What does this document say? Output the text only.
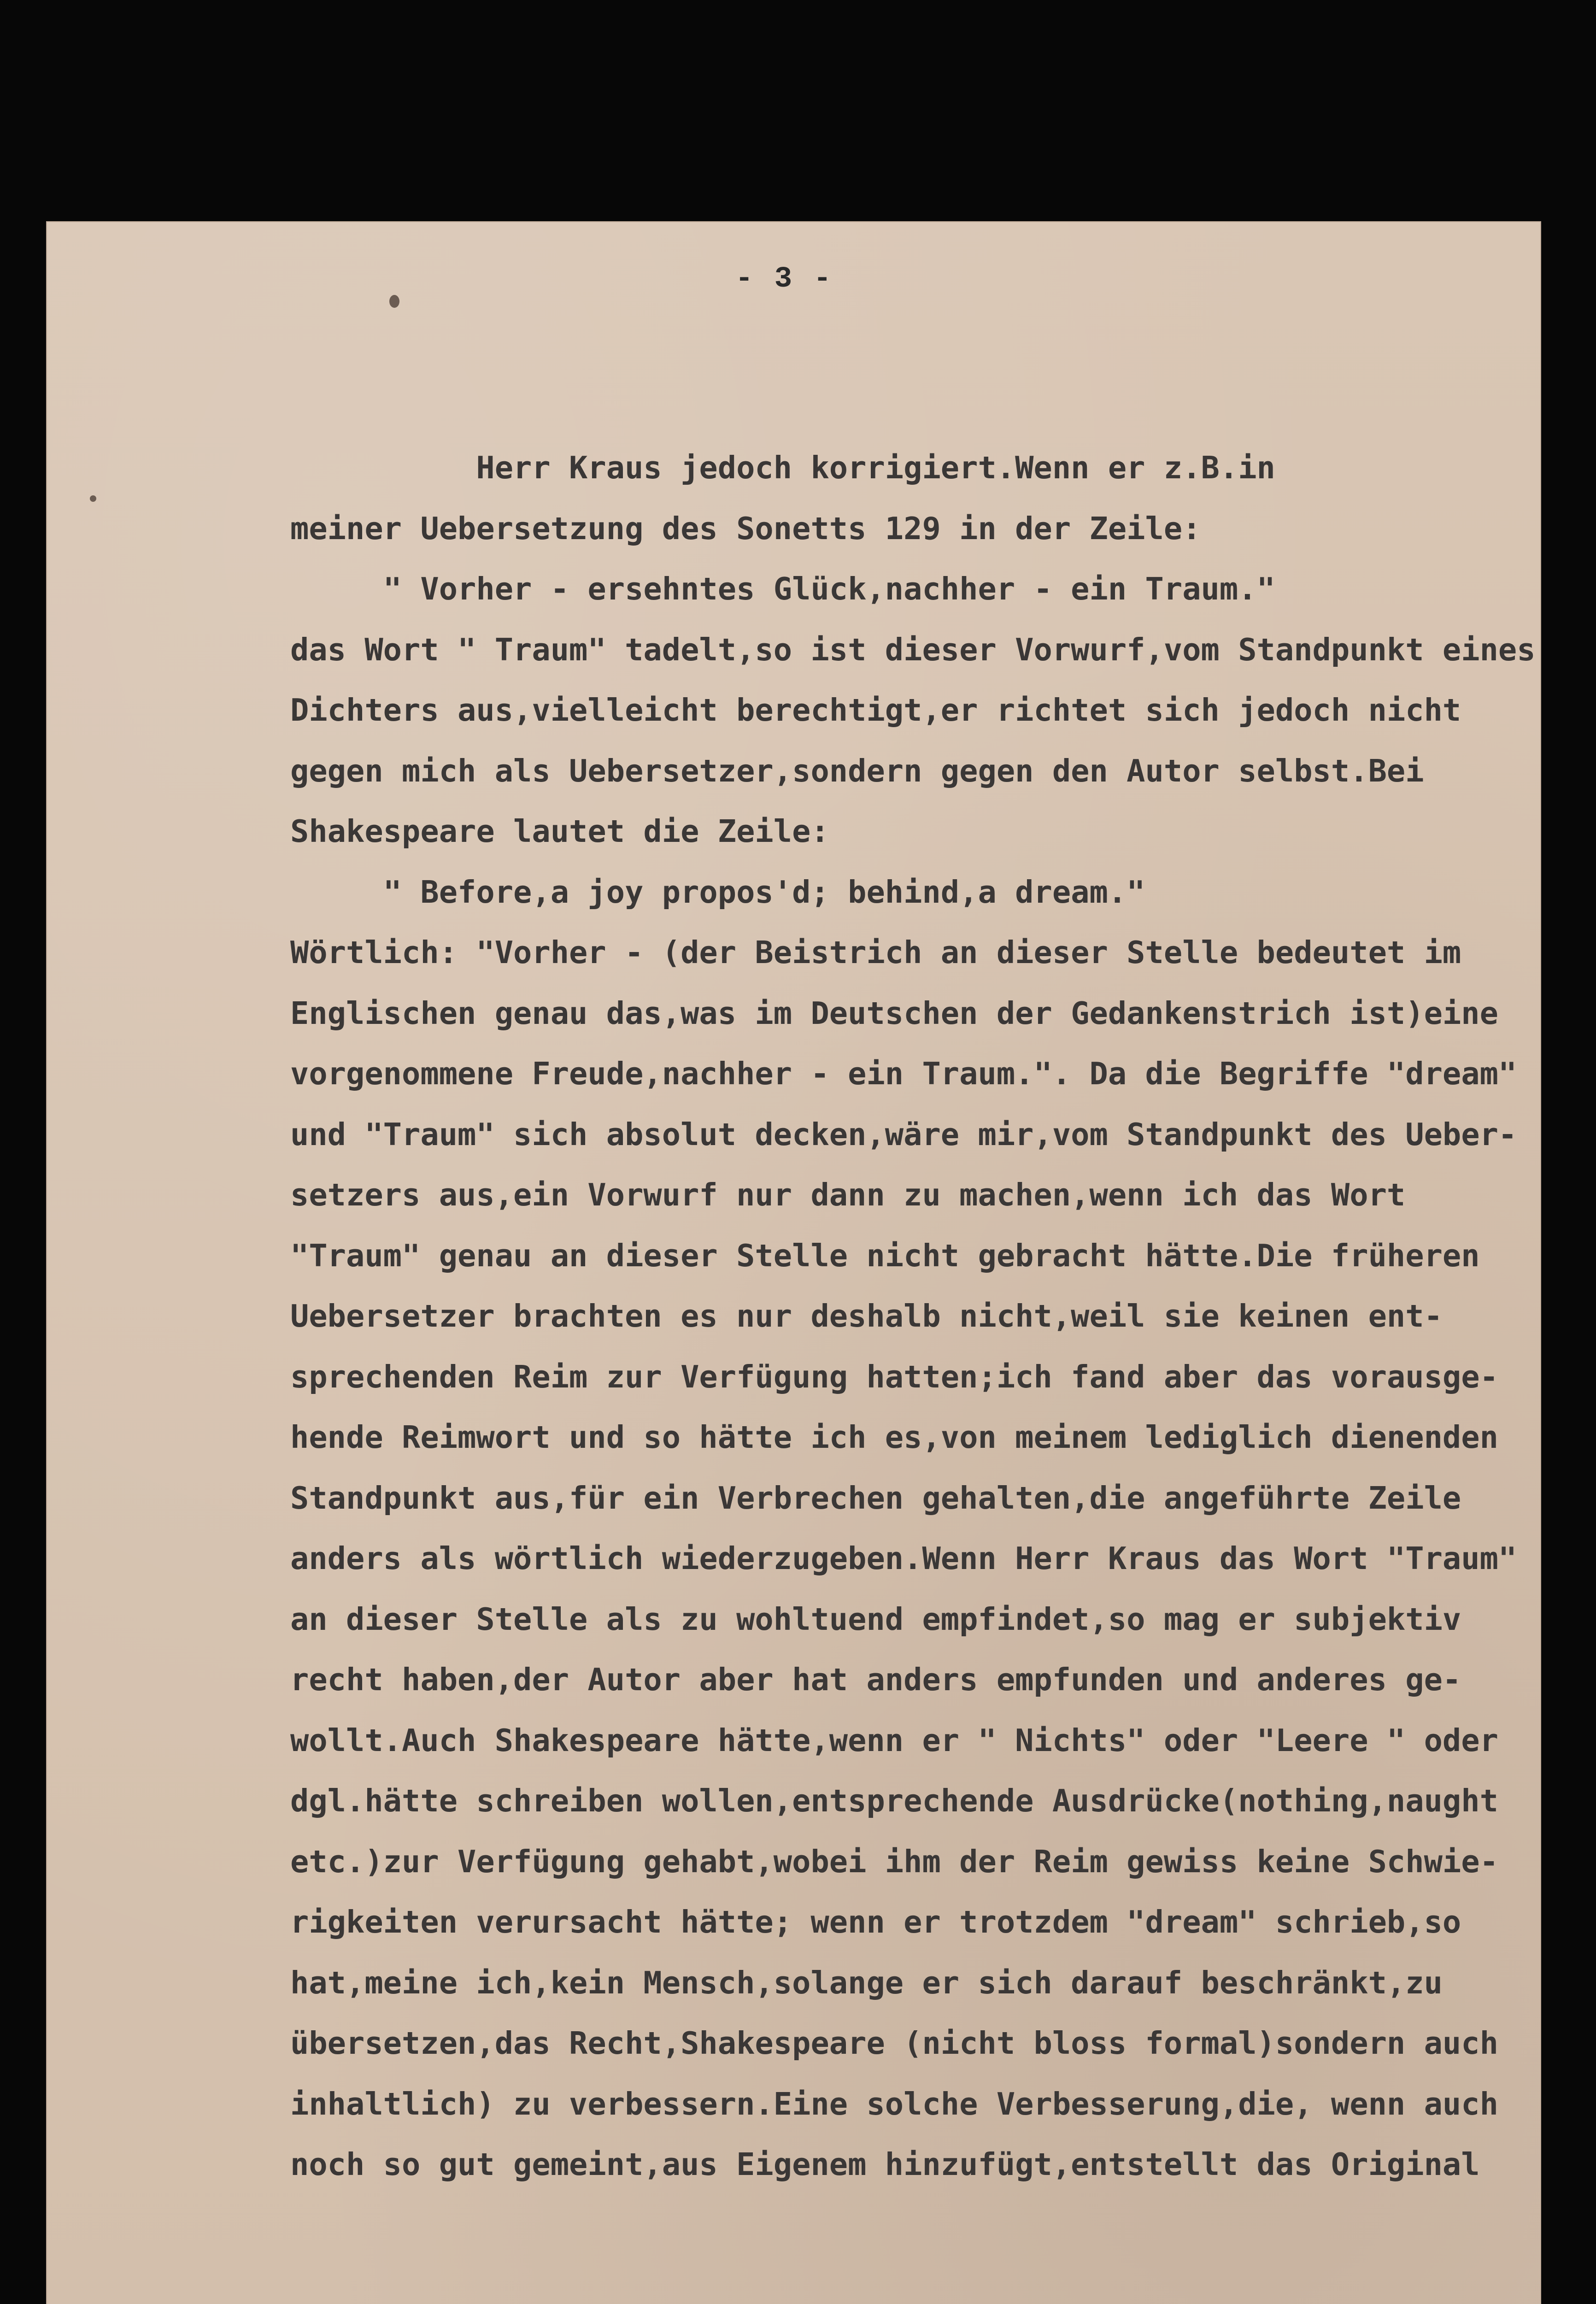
- 3 -
Herr Kraus jedoch korrigiert.Wenn er z.B.in
meiner Uebersetzung des Sonetts 129 in der Zeile:
" Vorher - ersehntes Glück,nachher - ein Traum."
das Wort " Traum" tadelt,so ist dieser Vorwurf,vom Standpunkt eines
Dichters aus,vielleicht berechtigt,er richtet sich jedoch nicht
gegen mich als Uebersetzer,sondern gegen den Autor selbst.Bei
Shakespeare lautet die Zeile:
" Before,a joy propos'd; behind,a dream."
Wörtlich: "Vorher - (der Beistrich an dieser Stelle bedeutet im
Englischen genau das,was im Deutschen der Gedankenstrich ist)eine
vorgenommene Freude,nachher - ein Traum.". Da die Begriffe "dream"
und "Traum" sich absolut decken,wäre mir,vom Standpunkt des Ueber-
setzers aus,ein Vorwurf nur dann zu machen,wenn ich das Wort
"Traum" genau an dieser Stelle nicht gebracht hätte.Die früheren
Uebersetzer brachten es nur deshalb nicht,weil sie keinen ent-
sprechenden Reim zur Verfügung hatten;ich fand aber das vorausge-
hende Reimwort und so hätte ich es,von meinem lediglich dienenden
Standpunkt aus,für ein Verbrechen gehalten,die angeführte Zeile
anders als wörtlich wiederzugeben.Wenn Herr Kraus das Wort "Traum"
an dieser Stelle als zu wohltuend empfindet,so mag er subjektiv
recht haben,der Autor aber hat anders empfunden und anderes ge-
wollt.Auch Shakespeare hätte,wenn er " Nichts" oder "Leere " oder
dgl.hätte schreiben wollen,entsprechende Ausdrücke(nothing,naught
etc.)zur Verfügung gehabt,wobei ihm der Reim gewiss keine Schwie-
rigkeiten verursacht hätte; wenn er trotzdem "dream" schrieb,so
hat,meine ich,kein Mensch,solange er sich darauf beschränkt,zu
übersetzen,das Recht,Shakespeare (nicht bloss formal)sondern auch
inhaltlich) zu verbessern.Eine solche Verbesserung,die, wenn auch
noch so gut gemeint,aus Eigenem hinzufügt,entstellt das Original
